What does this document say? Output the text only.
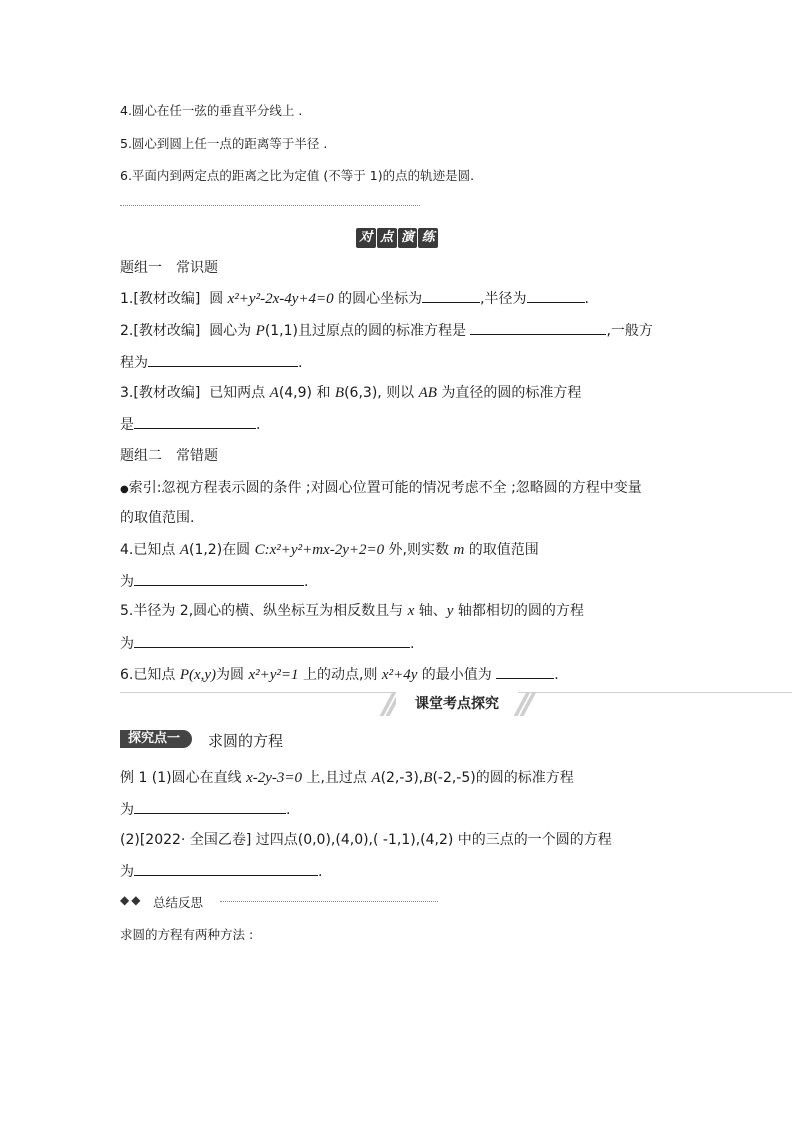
4.圆心在任一弦的垂直平分线上 .
5.圆心到圆上任一点的距离等于半径 .
6.平面内到两定点的距离之比为定值 (不等于 1)的点的轨迹是圆.
对 点 演 练
题组一　常识题
1.[教材改编] 圆 x²+y²-2x-4y+4=0 的圆心坐标为	,半径为	.
2.[教材改编] 圆心为 P(1,1)且过原点的圆的标准方程是	,一般方
程为	.
3.[教材改编] 已知两点 A(4,9) 和 B(6,3), 则以 AB 为直径的圆的标准方程
是	.
题组二　常错题
●索引:忽视方程表示圆的条件 ;对圆心位置可能的情况考虑不全 ;忽略圆的方程中变量
的取值范围.
4.已知点 A(1,2)在圆 C:x²+y²+mx-2y+2=0 外,则实数 m 的取值范围
为	.
5.半径为 2,圆心的横、纵坐标互为相反数且与 x 轴、y 轴都相切的圆的方程
为	.
6.已知点 P(x,y)为圆 x²+y²=1 上的动点,则 x²+4y 的最小值为	.
课堂考点探究
探究点一	求圆的方程
例 1 (1)圆心在直线 x-2y-3=0 上,且过点 A(2,-3),B(-2,-5)的圆的标准方程
为	.
(2)[2022· 全国乙卷] 过四点(0,0),(4,0),( -1,1),(4,2) 中的三点的一个圆的方程
为	.
◆◆ 总结反思
求圆的方程有两种方法 :
